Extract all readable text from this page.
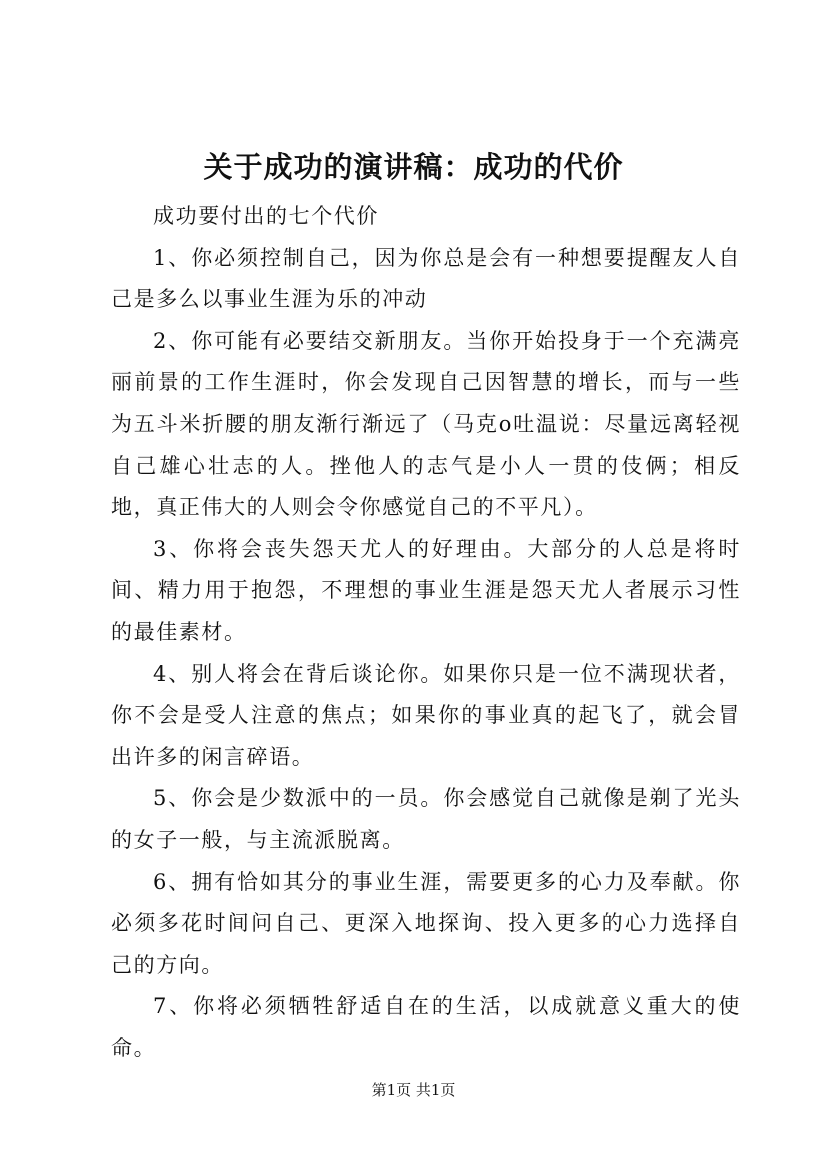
关于成功的演讲稿：成功的代价

成功要付出的七个代价

1、你必须控制自己，因为你总是会有一种想要提醒友人自己是多么以事业生涯为乐的冲动

2、你可能有必要结交新朋友。当你开始投身于一个充满亮丽前景的工作生涯时，你会发现自己因智慧的增长，而与一些为五斗米折腰的朋友渐行渐远了（马克o吐温说：尽量远离轻视自己雄心壮志的人。挫他人的志气是小人一贯的伎俩；相反地，真正伟大的人则会令你感觉自己的不平凡）。

3、你将会丧失怨天尤人的好理由。大部分的人总是将时间、精力用于抱怨，不理想的事业生涯是怨天尤人者展示习性的最佳素材。

4、别人将会在背后谈论你。如果你只是一位不满现状者，你不会是受人注意的焦点；如果你的事业真的起飞了，就会冒出许多的闲言碎语。

5、你会是少数派中的一员。你会感觉自己就像是剃了光头的女子一般，与主流派脱离。

6、拥有恰如其分的事业生涯，需要更多的心力及奉献。你必须多花时间问自己、更深入地探询、投入更多的心力选择自己的方向。

7、你将必须牺牲舒适自在的生活，以成就意义重大的使命。

第1页 共1页
